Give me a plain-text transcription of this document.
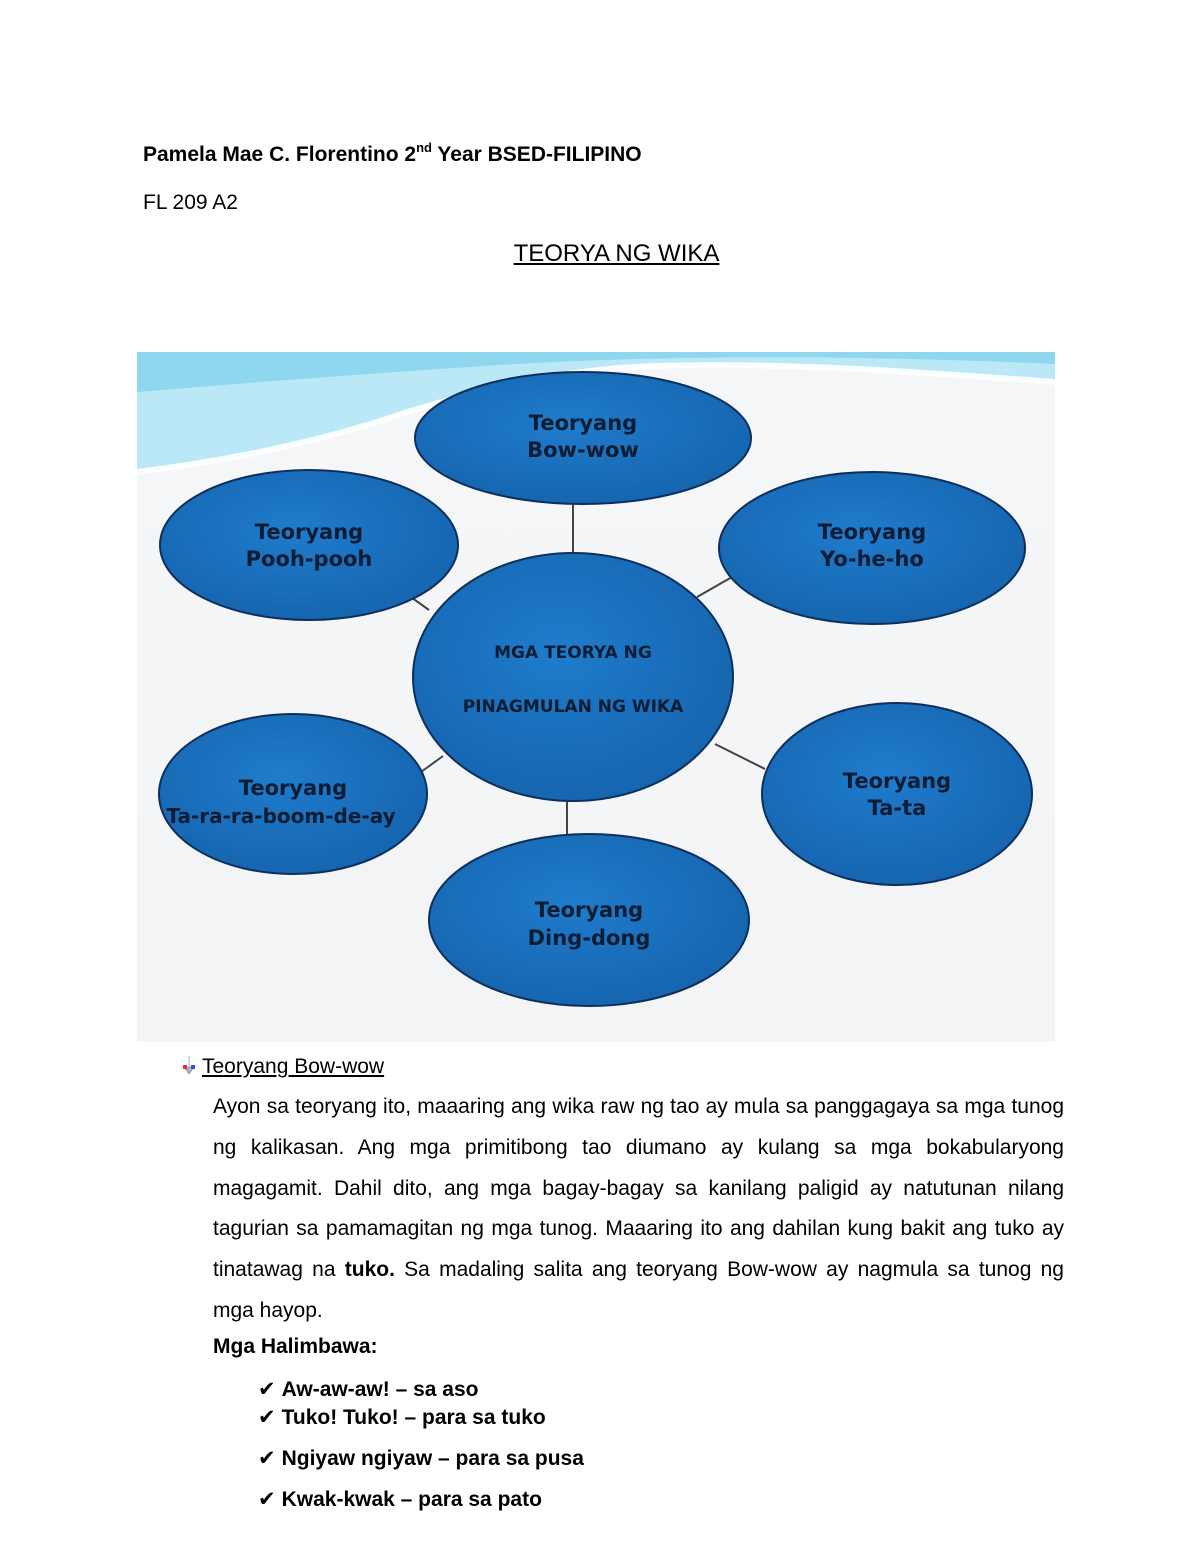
Pamela Mae C. Florentino 2nd Year BSED-FILIPINO
FL 209 A2
TEORYA NG WIKA
Teoryang
Bow-wow
Teoryang
Yo-he-ho
Teoryang
Pooh-pooh
MGA TEORYA NG
PINAGMULAN NG WIKA
Teoryang
Ta-ra-ra-boom-de-ay
Teoryang
Ta-ta
Teoryang
Ding-dong
Teoryang Bow-wow

Ayon sa teoryang ito, maaaring ang wika raw ng tao ay mula sa panggagaya sa mga tunog ng kalikasan. Ang mga primitibong tao diumano ay kulang sa mga bokabularyong magagamit. Dahil dito, ang mga bagay-bagay sa kanilang paligid ay natutunan nilang tagurian sa pamamagitan ng mga tunog. Maaaring ito ang dahilan kung bakit ang tuko ay tinatawag na tuko. Sa madaling salita ang teoryang Bow-wow ay nagmula sa tunog ng mga hayop.

Mga Halimbawa:
✔ Aw-aw-aw! – sa aso
✔ Tuko! Tuko! – para sa tuko
✔ Ngiyaw ngiyaw – para sa pusa
✔ Kwak-kwak – para sa pato
